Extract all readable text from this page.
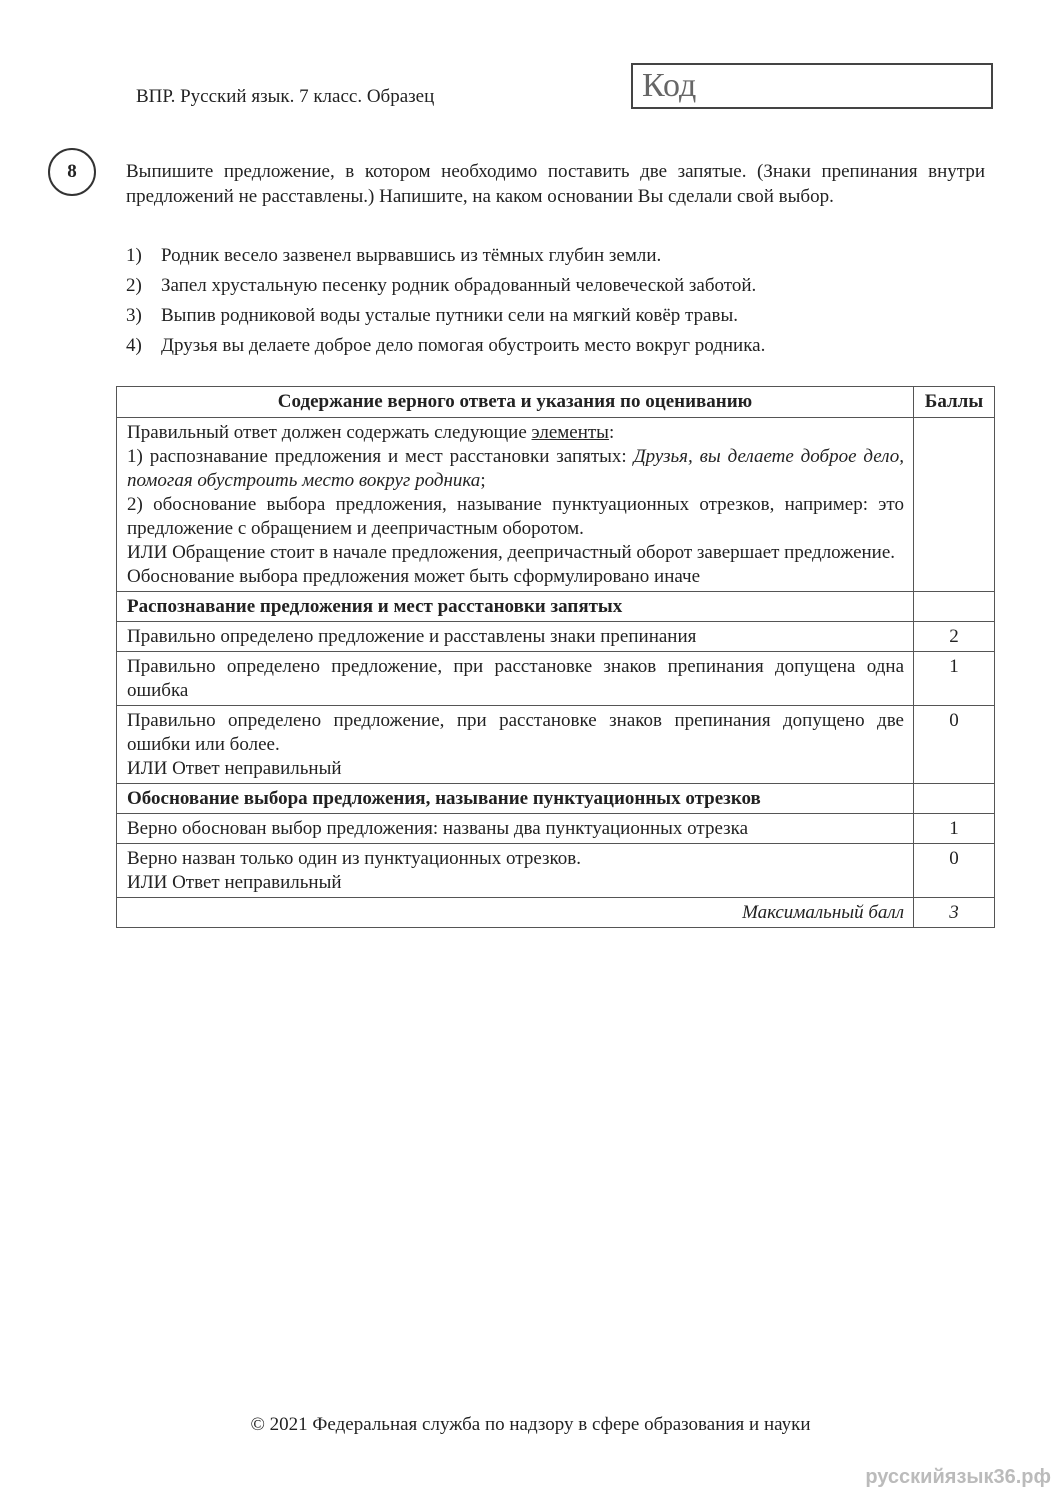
ВПР. Русский язык. 7 класс. Образец	Код
8	Выпишите предложение, в котором необходимо поставить две запятые. (Знаки препинания внутри предложений не расставлены.) Напишите, на каком основании Вы сделали свой выбор.
1)	Родник весело зазвенел вырвавшись из тёмных глубин земли.
2)	Запел хрустальную песенку родник обрадованный человеческой заботой.
3)	Выпив родниковой воды усталые путники сели на мягкий ковёр травы.
4)	Друзья вы делаете доброе дело помогая обустроить место вокруг родника.
Содержание верного ответа и указания по оцениванию	Баллы

Правильный ответ должен содержать следующие элементы:
1) распознавание предложения и мест расстановки запятых: Друзья, вы делаете доброе дело, помогая обустроить место вокруг родника;
2) обоснование выбора предложения, называние пунктуационных отрезков, например: это предложение с обращением и деепричастным оборотом.
ИЛИ Обращение стоит в начале предложения, деепричастный оборот завершает предложение.
Обоснование выбора предложения может быть сформулировано иначе	

Распознавание предложения и мест расстановки запятых	
Правильно определено предложение и расставлены знаки препинания	2
Правильно определено предложение, при расстановке знаков препинания допущена одна ошибка	1

Правильно определено предложение, при расстановке знаков препинания допущено две ошибки или более.
ИЛИ Ответ неправильный	0
Обоснование выбора предложения, называние пунктуационных отрезков	
Верно обоснован выбор предложения: названы два пунктуационных отрезка	1

Верно назван только один из пунктуационных отрезков.
ИЛИ Ответ неправильный	0
Максимальный балл	3
© 2021 Федеральная служба по надзору в сфере образования и науки
русскийязык36.рф
